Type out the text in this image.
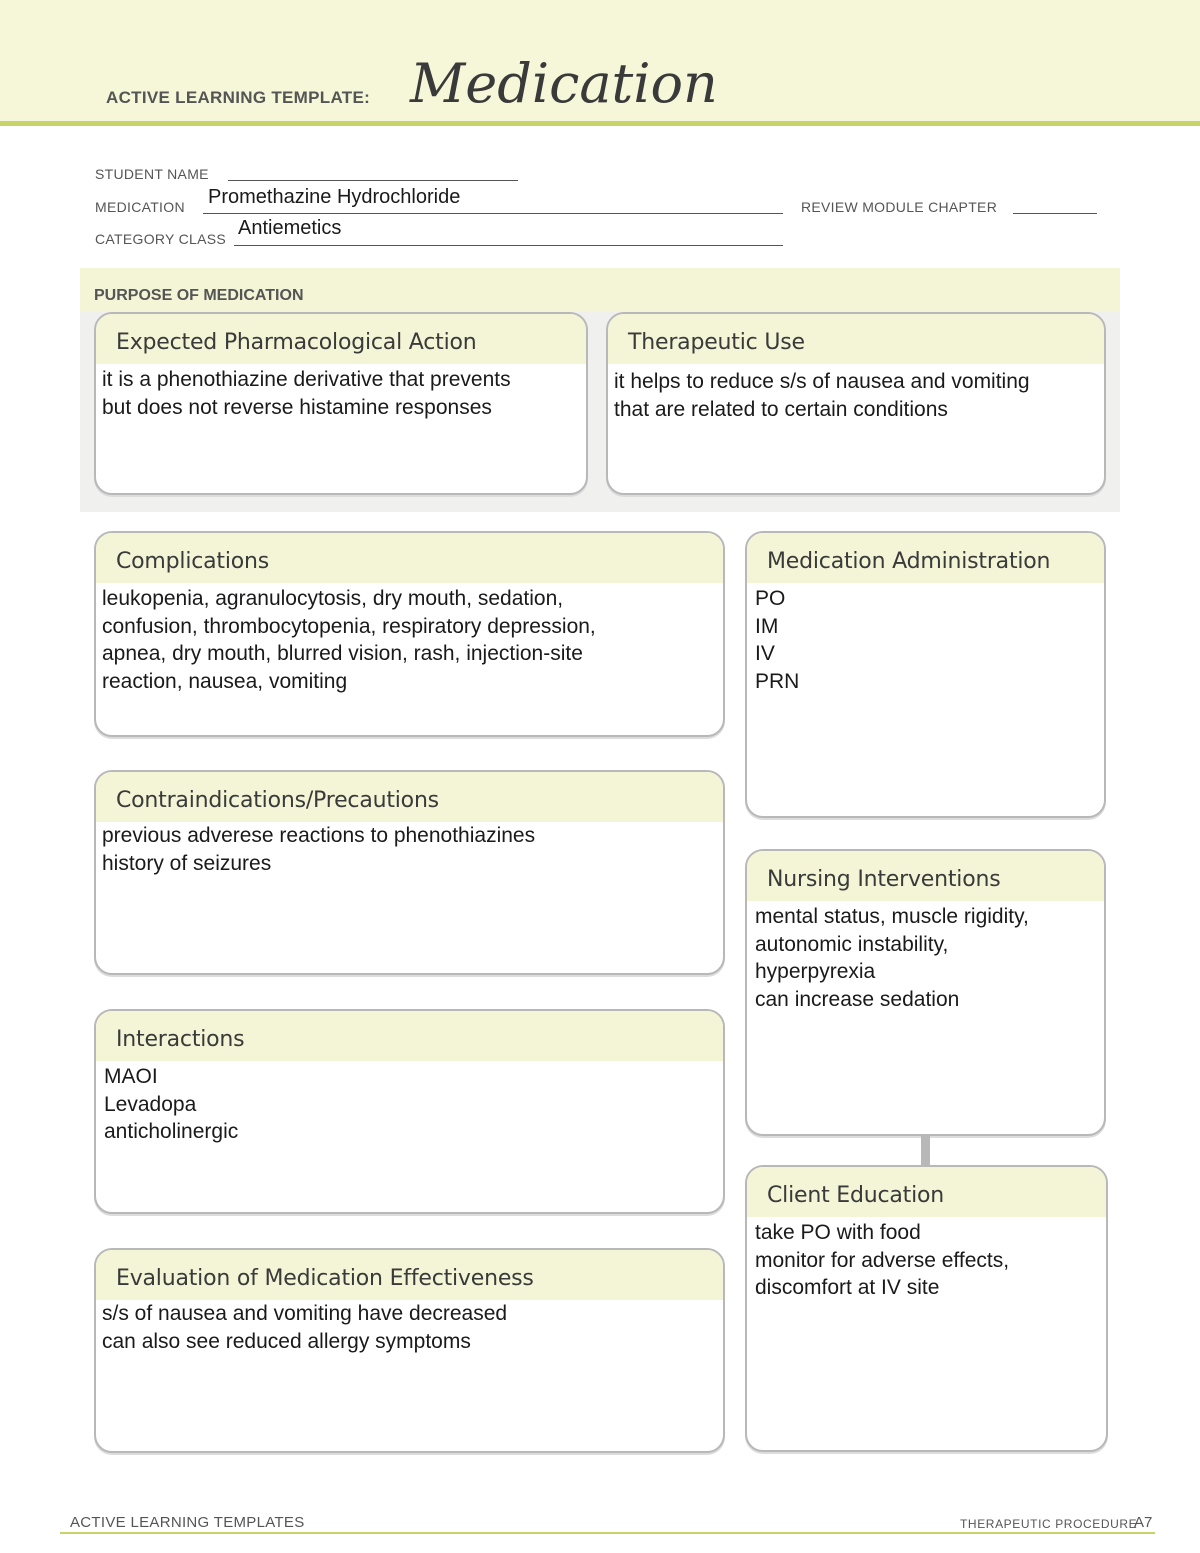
ACTIVE LEARNING TEMPLATE: Medication
STUDENT NAME
MEDICATION Promethazine Hydrochloride	REVIEW MODULE CHAPTER
CATEGORY CLASS Antiemetics
PURPOSE OF MEDICATION
Expected Pharmacological Action
it is a phenothiazine derivative that prevents
but does not reverse histamine responses
Therapeutic Use
it helps to reduce s/s of nausea and vomiting
that are related to certain conditions
Complications
leukopenia, agranulocytosis, dry mouth, sedation,
confusion, thrombocytopenia, respiratory depression,
apnea, dry mouth, blurred vision, rash, injection-site
reaction, nausea, vomiting
Medication Administration
PO
IM
IV
PRN
Contraindications/Precautions
previous adverese reactions to phenothiazines
history of seizures
Nursing Interventions
mental status, muscle rigidity,
autonomic instability,
hyperpyrexia
can increase sedation
Interactions
MAOI
Levadopa
anticholinergic
Client Education
take PO with food
monitor for adverse effects,
discomfort at IV site
Evaluation of Medication Effectiveness
s/s of nausea and vomiting have decreased
can also see reduced allergy symptoms
ACTIVE LEARNING TEMPLATES	THERAPEUTIC PROCEDURE
A7
